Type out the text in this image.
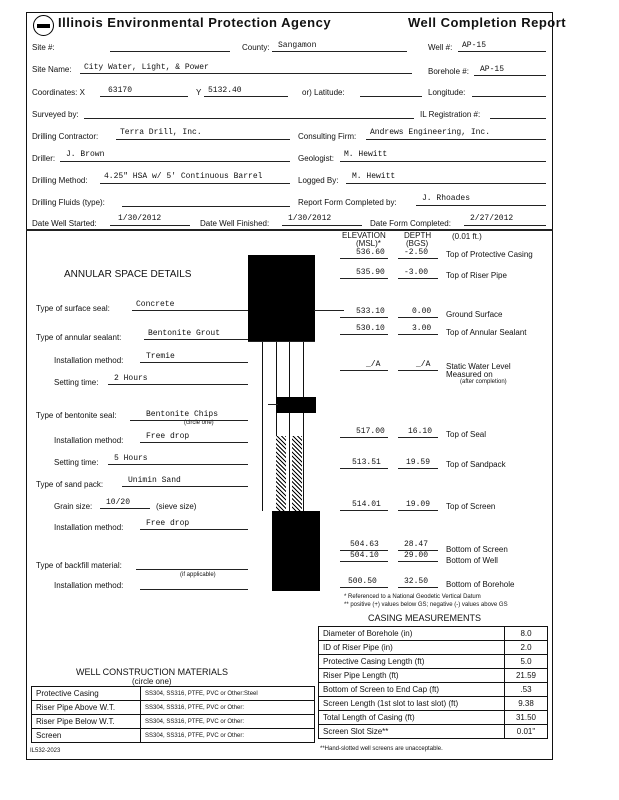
Illinois Environmental Protection Agency	Well Completion Report
Site #:	County: Sangamon	Well #: AP-15
Site Name: City Water, Light, & Power	Borehole #: AP-15
Coordinates: X	63170	Y 5132.40	or) Latitude:	Longitude:
Surveyed by:	IL Registration #:
Drilling Contractor:	Terra Drill, Inc.	Consulting Firm: Andrews Engineering, Inc.
Driller: J. Brown	Geologist: M. Hewitt
Drilling Method: 4.25" HSA w/ 5' Continuous Barrel	Logged By: M. Hewitt
Drilling Fluids (type):	Report Form Completed by:	J. Rhoades
Date Well Started:
1/30/2012
Date Well Finished:
1/30/2012
Date Form Completed:
2/27/2012
ELEVATION
(MSL)*
DEPTH
(BGS)
(0.01 ft.)
ANNULAR SPACE DETAILS
Type of surface seal:	Concrete
Type of annular sealant:	Bentonite Grout
Installation method:	Tremie
Setting time: 2 Hours
Type of bentonite seal:	Bentonite Chips
(circle one)
Installation method:	Free drop
Setting time: 5 Hours
Type of sand pack:	Unimin Sand
Grain size: 10/20	(sieve size)
Installation method:	Free drop
Type of backfill material:
(if applicable)
Installation method:
536.60 -2.50 Top of Protective Casing
535.90 -3.00 Top of Riser Pipe
533.10	0.00 Ground Surface
530.10	3.00 Top of Annular Sealant
_/A	_/A Static Water Level
Measured on
(after completion)
517.00	16.10 Top of Seal
513.51	19.59 Top of Sandpack
514.01	19.09 Top of Screen
504.63	28.47
Bottom of Screen
504.10	29.00
Bottom of Well
500.50	32.50 Bottom of Borehole
* Referenced to a National Geodetic Vertical Datum
** positive (+) values below GS; negative (-) values above GS
CASING MEASUREMENTS
Diameter of Borehole (in)	8.0
ID of Riser Pipe (in)	2.0
Protective Casing Length (ft)	5.0
Riser Pipe Length (ft)	21.59
Bottom of Screen to End Cap (ft)	.53
Screen Length (1st slot to last slot) (ft)	9.38
Total Length of Casing (ft)	31.50
Screen Slot Size**	0.01"
**Hand-slotted well screens are unacceptable.
WELL CONSTRUCTION MATERIALS
(circle one)
Protective Casing	SS304, SS316, PTFE, PVC or Other:Steel
Riser Pipe Above W.T.	SS304, SS316, PTFE, PVC or Other:
Riser Pipe Below W.T.	SS304, SS316, PTFE, PVC or Other:
Screen	SS304, SS316, PTFE, PVC or Other:
IL532-2023
